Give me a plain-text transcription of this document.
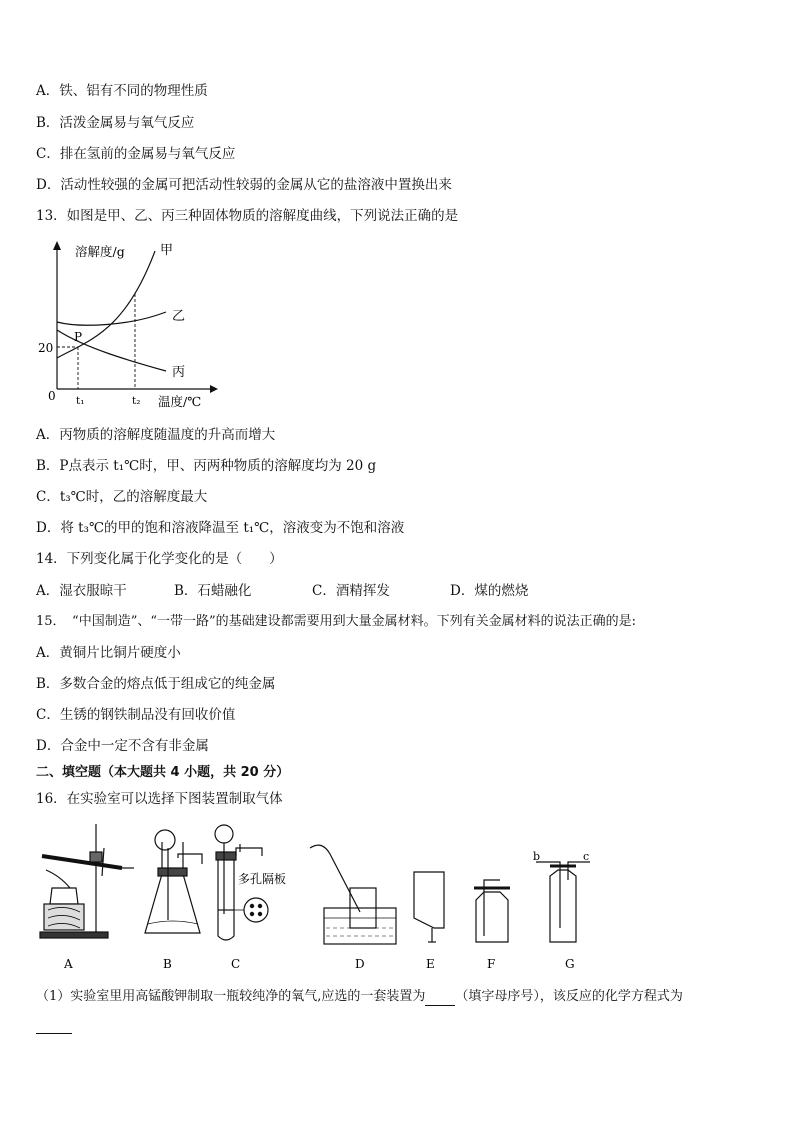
A．铁、铝有不同的物理性质
B．活泼金属易与氧气反应
C．排在氢前的金属易与氧气反应
D．活动性较强的金属可把活动性较弱的金属从它的盐溶液中置换出来
13．如图是甲、乙、丙三种固体物质的溶解度曲线，下列说法正确的是
溶解度/g
温度/℃
0
20
t₁	t₂
P
甲
乙
丙
A．丙物质的溶解度随温度的升高而增大
B．P点表示 t₁℃时，甲、丙两种物质的溶解度均为 20 g
C．t₃℃时，乙的溶解度最大
D．将 t₃℃的甲的饱和溶液降温至 t₁℃，溶液变为不饱和溶液
14．下列变化属于化学变化的是（　　）
A．湿衣服晾干	B．石蜡融化	C．酒精挥发	D．煤的燃烧
15．　“中国制造”、“一带一路”的基础建设都需要用到大量金属材料。下列有关金属材料的说法正确的是:
A．黄铜片比铜片硬度小
B．多数合金的熔点低于组成它的纯金属
C．生锈的钢铁制品没有回收价值
D．合金中一定不含有非金属
二、填空题（本大题共 4 小题，共 20 分）
16．在实验室可以选择下图装置制取气体
多孔隔板
b	c
A	B	C	D	E	F	G
（1）实验室里用高锰酸钾制取一瓶较纯净的氧气,应选的一套装置为 （填字母序号），该反应的化学方程式为
